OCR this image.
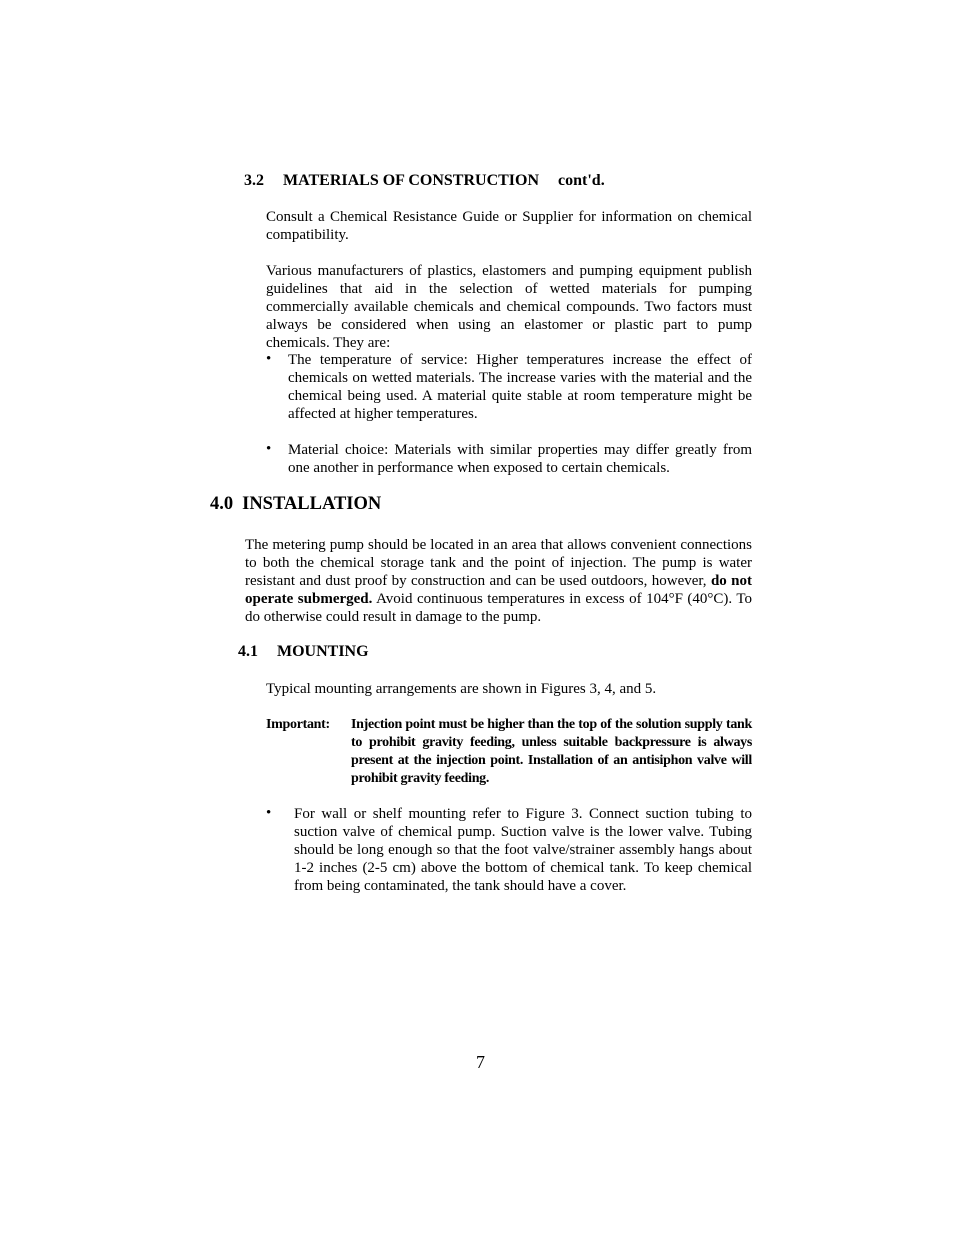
3.2 MATERIALS OF CONSTRUCTION cont'd.
Consult a Chemical Resistance Guide or Supplier for information on chemical compatibility.
Various manufacturers of plastics, elastomers and pumping equipment publish guidelines that aid in the selection of wetted materials for pumping commercially available chemicals and chemical compounds. Two factors must always be considered when using an elastomer or plastic part to pump chemicals. They are:
• The temperature of service: Higher temperatures increase the effect of chemicals on wetted materials. The increase varies with the material and the chemical being used. A material quite stable at room temperature might be affected at higher temperatures.
• Material choice: Materials with similar properties may differ greatly from one another in performance when exposed to certain chemicals.
4.0 INSTALLATION
The metering pump should be located in an area that allows convenient connections to both the chemical storage tank and the point of injection. The pump is water resistant and dust proof by construction and can be used outdoors, however, do not operate submerged. Avoid continuous temperatures in excess of 104°F (40°C). To do otherwise could result in damage to the pump.
4.1 MOUNTING
Typical mounting arrangements are shown in Figures 3, 4, and 5.
Important: Injection point must be higher than the top of the solution supply tank to prohibit gravity feeding, unless suitable backpressure is always present at the injection point. Installation of an antisiphon valve will prohibit gravity feeding.
• For wall or shelf mounting refer to Figure 3. Connect suction tubing to suction valve of chemical pump. Suction valve is the lower valve. Tubing should be long enough so that the foot valve/strainer assembly hangs about 1-2 inches (2-5 cm) above the bottom of chemical tank. To keep chemical from being contaminated, the tank should have a cover.
7
